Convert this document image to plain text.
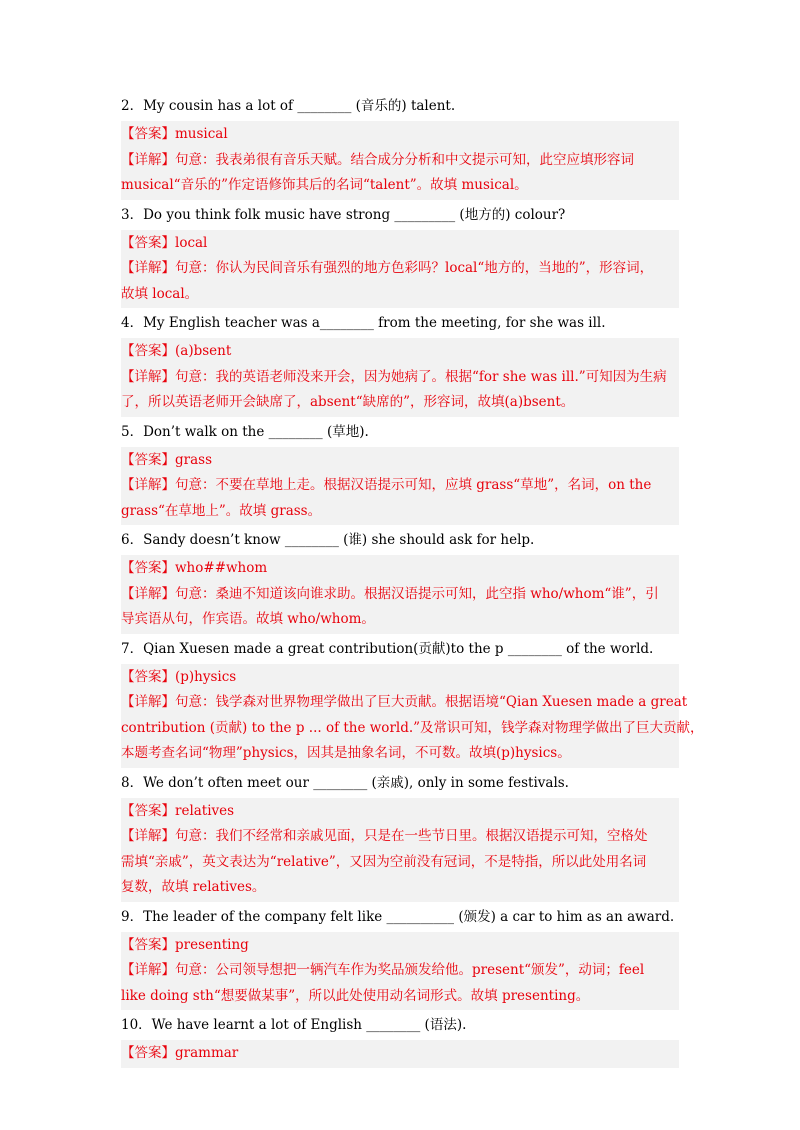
2．My cousin has a lot of ________ (音乐的) talent.
【答案】musical
【详解】句意：我表弟很有音乐天赋。结合成分分析和中文提示可知，此空应填形容词
musical“音乐的”作定语修饰其后的名词“talent”。故填 musical。
3．Do you think folk music have strong _________ (地方的) colour?
【答案】local
【详解】句意：你认为民间音乐有强烈的地方色彩吗？local“地方的，当地的”，形容词，
故填 local。
4．My English teacher was a________ from the meeting, for she was ill.
【答案】(a)bsent
【详解】句意：我的英语老师没来开会，因为她病了。根据“for she was ill.”可知因为生病
了，所以英语老师开会缺席了，absent“缺席的”，形容词，故填(a)bsent。
5．Don’t walk on the ________ (草地).
【答案】grass
【详解】句意：不要在草地上走。根据汉语提示可知，应填 grass“草地”，名词，on the
grass“在草地上”。故填 grass。
6．Sandy doesn’t know ________ (谁) she should ask for help.
【答案】who##whom
【详解】句意：桑迪不知道该向谁求助。根据汉语提示可知，此空指 who/whom“谁”，引
导宾语从句，作宾语。故填 who/whom。
7．Qian Xuesen made a great contribution(贡献)to the p ________ of the world.
【答案】(p)hysics
【详解】句意：钱学森对世界物理学做出了巨大贡献。根据语境“Qian Xuesen made a great
contribution (贡献) to the p ... of the world.”及常识可知，钱学森对物理学做出了巨大贡献，
本题考查名词“物理”physics，因其是抽象名词，不可数。故填(p)hysics。
8．We don’t often meet our ________ (亲戚), only in some festivals.
【答案】relatives
【详解】句意：我们不经常和亲戚见面，只是在一些节日里。根据汉语提示可知，空格处
需填“亲戚”，英文表达为“relative”，又因为空前没有冠词，不是特指，所以此处用名词
复数，故填 relatives。
9．The leader of the company felt like __________ (颁发) a car to him as an award.
【答案】presenting
【详解】句意：公司领导想把一辆汽车作为奖品颁发给他。present“颁发”，动词；feel
like doing sth“想要做某事”，所以此处使用动名词形式。故填 presenting。
10．We have learnt a lot of English ________ (语法).
【答案】grammar
